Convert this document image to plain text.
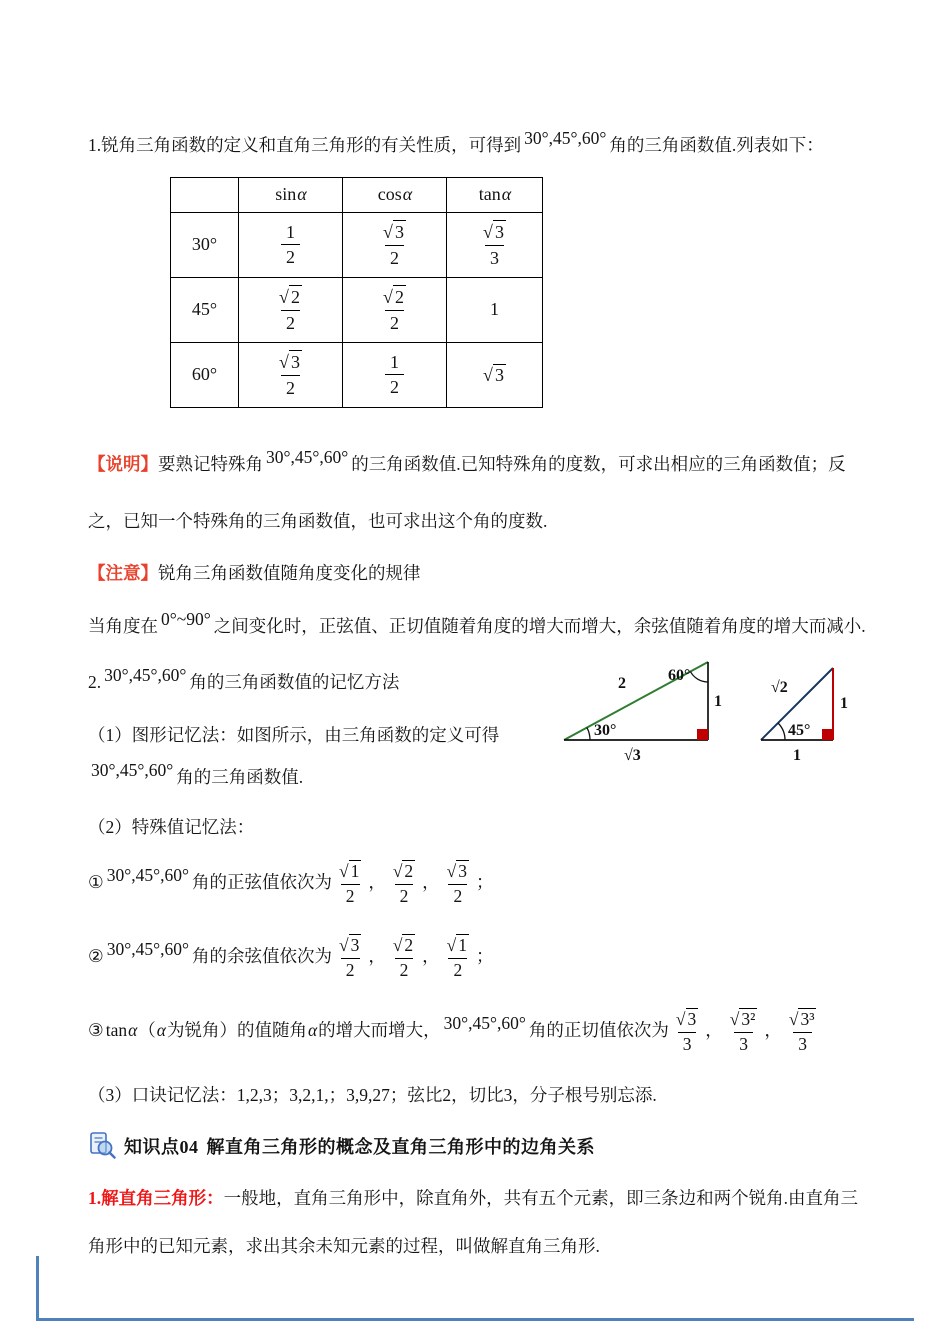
1.锐角三角函数的定义和直角三角形的有关性质，可得到 30°,45°,60° 角的三角函数值.列表如下：

	sinα	cosα	tanα
30°	$\frac{1}{2}$	$\frac{√ 3}{2}$	$\frac{√ 3}{3}$

45°	$\frac{√ 2}{2}$	$\frac{√ 2}{2}$	1
60°	$\frac{√ 3}{2}$	$\frac{1}{2}$	√ 3

【说明】要熟记特殊角 30°,45°,60° 的三角函数值.已知特殊角的度数，可求出相应的三角函数值；反之，已知一个特殊角的三角函数值，也可求出这个角的度数.

【注意】锐角三角函数值随角度变化的规律

当角度在 0°~90° 之间变化时，正弦值、正切值随着角度的增大而增大，余弦值随着角度的增大而减小.

2. 30°,45°,60° 角的三角函数值的记忆方法

（1）图形记忆法：如图所示，由三角函数的定义可得30°,45°,60° 角的三角函数值.

（2）特殊值记忆法：

① 30°,45°,60° 角的正弦值依次为 $\frac{√ 1}{2}$ ， $\frac{√ 2}{2}$ ， $\frac{√ 3}{2}$ ；

② 30°,45°,60° 角的余弦值依次为 $\frac{√ 3}{2}$ ， $\frac{√ 2}{2}$ ， $\frac{√ 1}{2}$ ；

③ tanα（α为锐角）的值随角α的增大而增大， 30°,45°,60° 角的正切值依次为 $\frac{√ 3}{3}$ ， $\frac{\text{√ 3²}}{3}$ ， $\frac{\text{√ 3³}}{3}$

（3）口诀记忆法：1,2,3；3,2,1,；3,9,27；弦比2，切比3，分子根号别忘添.

知识点04 解直角三角形的概念及直角三角形中的边角关系

1.解直角三角形：一般地，直角三角形中，除直角外，共有五个元素，即三条边和两个锐角.由直角三角形中的已知元素，求出其余未知元素的过程，叫做解直角三角形.

2	60°
30°
1
√3
√2
45°
1
1
